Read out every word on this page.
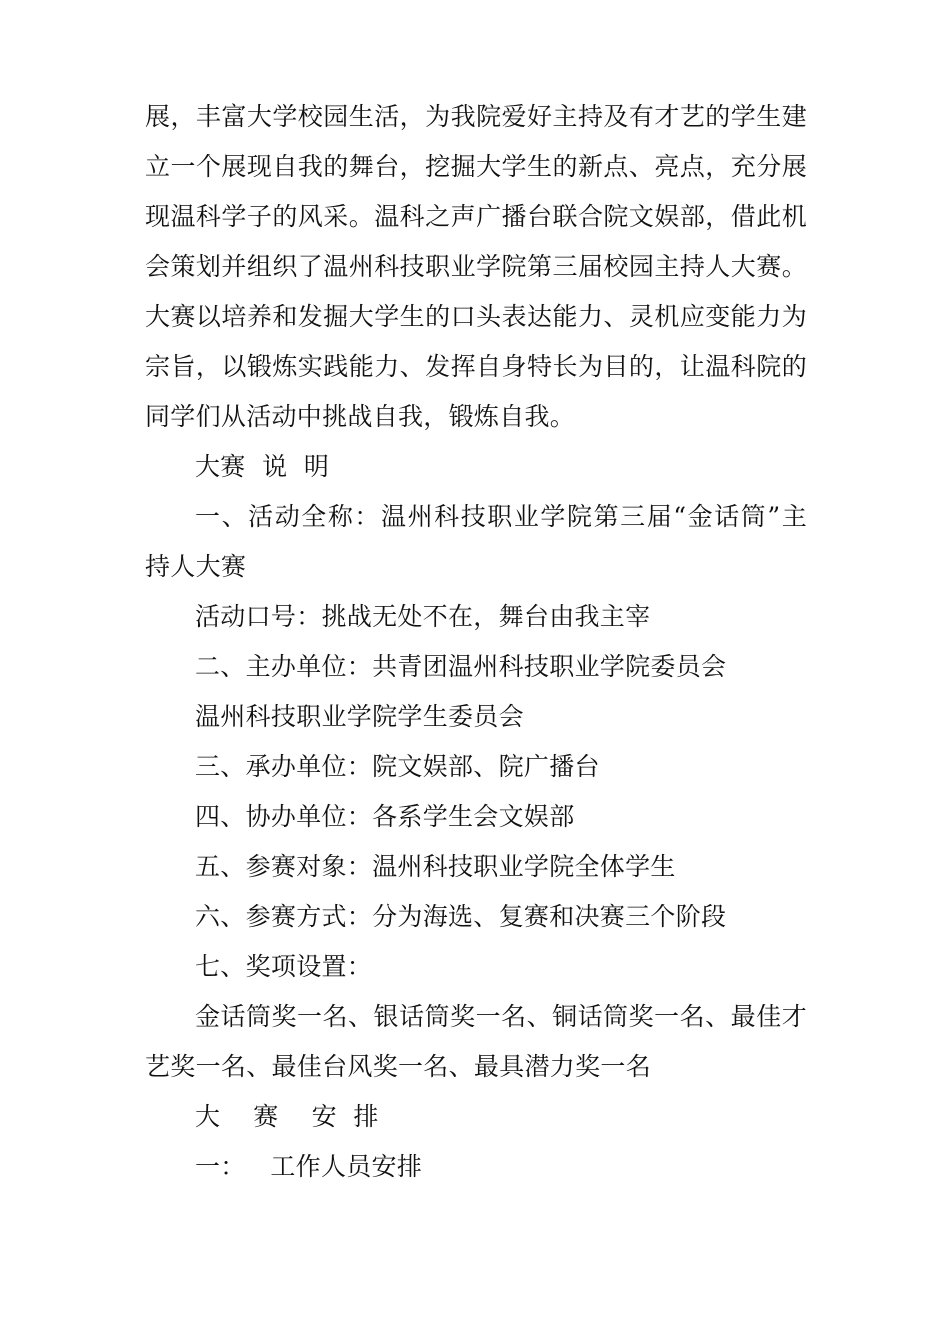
展，丰富大学校园生活，为我院爱好主持及有才艺的学生建
立一个展现自我的舞台，挖掘大学生的新点、亮点，充分展
现温科学子的风采。温科之声广播台联合院文娱部，借此机
会策划并组织了温州科技职业学院第三届校园主持人大赛。
大赛以培养和发掘大学生的口头表达能力、灵机应变能力为
宗旨，以锻炼实践能力、发挥自身特长为目的，让温科院的
同学们从活动中挑战自我，锻炼自我。
大赛  说  明
一、活动全称：温州科技职业学院第三届“金话筒”主
持人大赛
活动口号：挑战无处不在，舞台由我主宰
二、主办单位：共青团温州科技职业学院委员会
温州科技职业学院学生委员会
三、承办单位：院文娱部、院广播台
四、协办单位：各系学生会文娱部
五、参赛对象：温州科技职业学院全体学生
六、参赛方式：分为海选、复赛和决赛三个阶段
七、奖项设置：
金话筒奖一名、银话筒奖一名、铜话筒奖一名、最佳才
艺奖一名、最佳台风奖一名、最具潜力奖一名
大    赛    安  排
一：   工作人员安排
